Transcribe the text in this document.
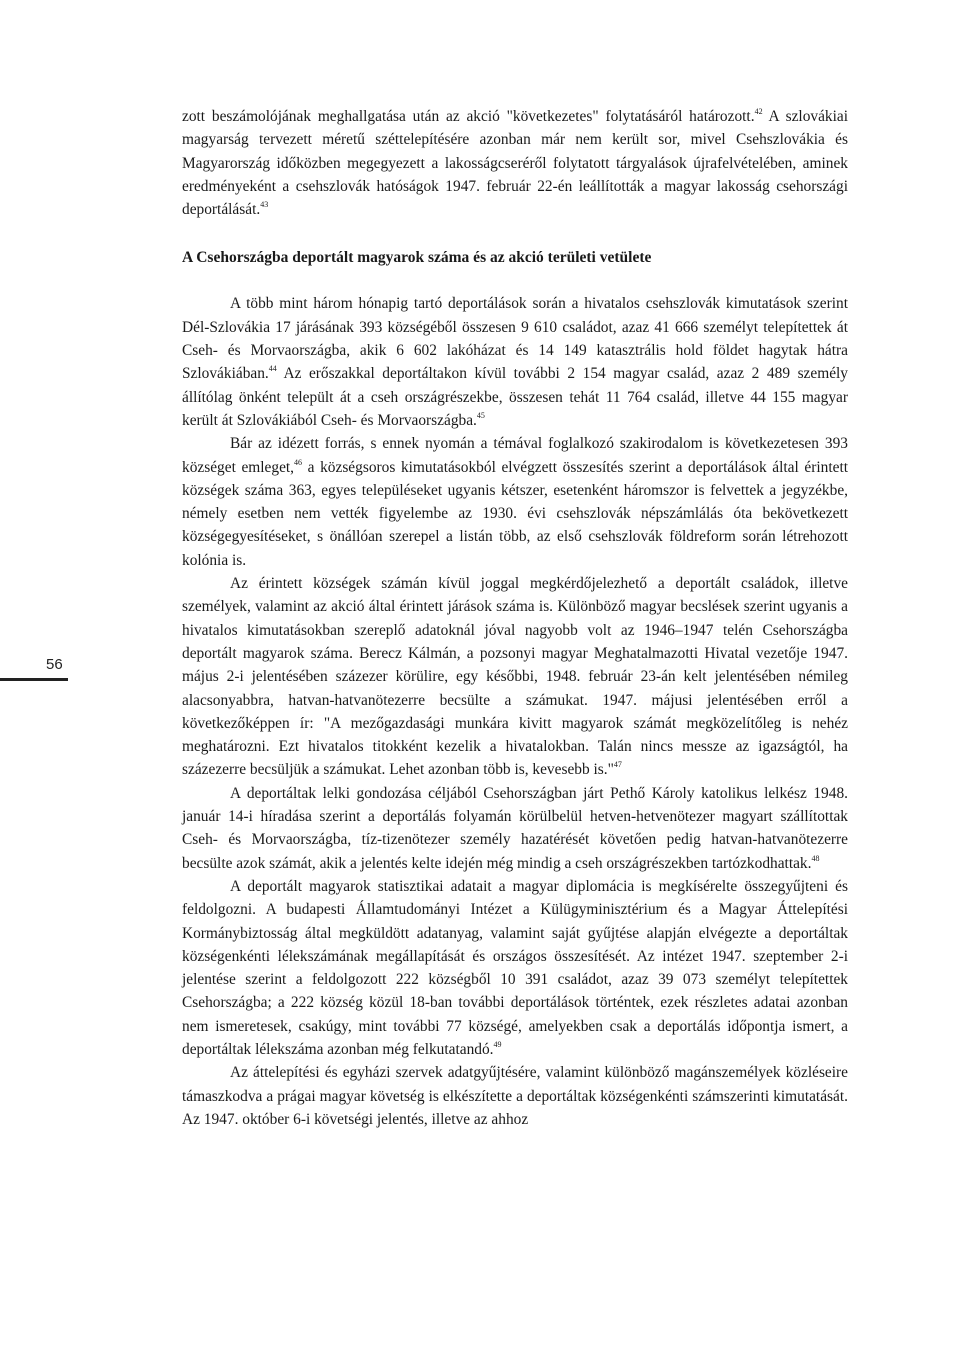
56

zott beszámolójának meghallgatása után az akció "következetes" folytatásáról határozott.$^{42}$ A szlovákiai magyarság tervezett méretű széttelepítésére azonban már nem került sor, mivel Csehszlovákia és Magyarország időközben megegyezett a lakosságcseréről folytatott tárgyalások újrafelvételében, aminek eredményeként a csehszlovák hatóságok 1947. február 22-én leállították a magyar lakosság csehországi deportálását.$^{43}$

A Csehországba deportált magyarok száma és az akció területi vetülete

A több mint három hónapig tartó deportálások során a hivatalos csehszlovák kimutatások szerint Dél-Szlovákia 17 járásának 393 községéből összesen 9 610 családot, azaz 41 666 személyt telepítettek át Cseh- és Morvaországba, akik 6 602 lakóházat és 14 149 katasztrális hold földet hagytak hátra Szlovákiában.$^{44}$ Az erőszakkal deportáltakon kívül további 2 154 magyar család, azaz 2 489 személy állítólag önként települt át a cseh országrészekbe, összesen tehát 11 764 család, illetve 44 155 magyar került át Szlovákiából Cseh- és Morvaországba.$^{45}$

Bár az idézett forrás, s ennek nyomán a témával foglalkozó szakirodalom is következetesen 393 községet emleget,$^{46}$ a községsoros kimutatásokból elvégzett összesítés szerint a deportálások által érintett községek száma 363, egyes településeket ugyanis kétszer, esetenként háromszor is felvettek a jegyzékbe, némely esetben nem vették figyelembe az 1930. évi csehszlovák népszámlálás óta bekövetkezett községegyesítéseket, s önállóan szerepel a listán több, az első csehszlovák földreform során létrehozott kolónia is.

Az érintett községek számán kívül joggal megkérdőjelezhető a deportált családok, illetve személyek, valamint az akció által érintett járások száma is. Különböző magyar becslések szerint ugyanis a hivatalos kimutatásokban szereplő adatoknál jóval nagyobb volt az 1946–1947 telén Csehországba deportált magyarok száma. Berecz Kálmán, a pozsonyi magyar Meghatalmazotti Hivatal vezetője 1947. május 2-i jelentésében százezer körülire, egy későbbi, 1948. február 23-án kelt jelentésében némileg alacsonyabbra, hatvan-hatvanötezerre becsülte a számukat. 1947. májusi jelentésében erről a következőképpen ír: "A mezőgazdasági munkára kivitt magyarok számát megközelítőleg is nehéz meghatározni. Ezt hivatalos titokként kezelik a hivatalokban. Talán nincs messze az igazságtól, ha százezerre becsüljük a számukat. Lehet azonban több is, kevesebb is."$^{47}$

A deportáltak lelki gondozása céljából Csehországban járt Pethő Károly katolikus lelkész 1948. január 14-i híradása szerint a deportálás folyamán körülbelül hetven-hetvenötezer magyart szállítottak Cseh- és Morvaországba, tíz-tizenötezer személy hazatérését követően pedig hatvan-hatvanötezerre becsülte azok számát, akik a jelentés kelte idején még mindig a cseh országrészekben tartózkodhattak.$^{48}$

A deportált magyarok statisztikai adatait a magyar diplomácia is megkísérelte összegyűjteni és feldolgozni. A budapesti Államtudományi Intézet a Külügyminisztérium és a Magyar Áttelepítési Kormánybiztosság által megküldött adatanyag, valamint saját gyűjtése alapján elvégezte a deportáltak községenkénti lélekszámának megállapítását és országos összesítését. Az intézet 1947. szeptember 2-i jelentése szerint a feldolgozott 222 községből 10 391 családot, azaz 39 073 személyt telepítettek Csehországba; a 222 község közül 18-ban további deportálások történtek, ezek részletes adatai azonban nem ismeretesek, csakúgy, mint további 77 községé, amelyekben csak a deportálás időpontja ismert, a deportáltak lélekszáma azonban még felkutatandó.$^{49}$

Az áttelepítési és egyházi szervek adatgyűjtésére, valamint különböző magánszemélyek közléseire támaszkodva a prágai magyar követség is elkészítette a deportáltak községenkénti számszerinti kimutatását. Az 1947. október 6-i követségi jelentés, illetve az ahhoz
